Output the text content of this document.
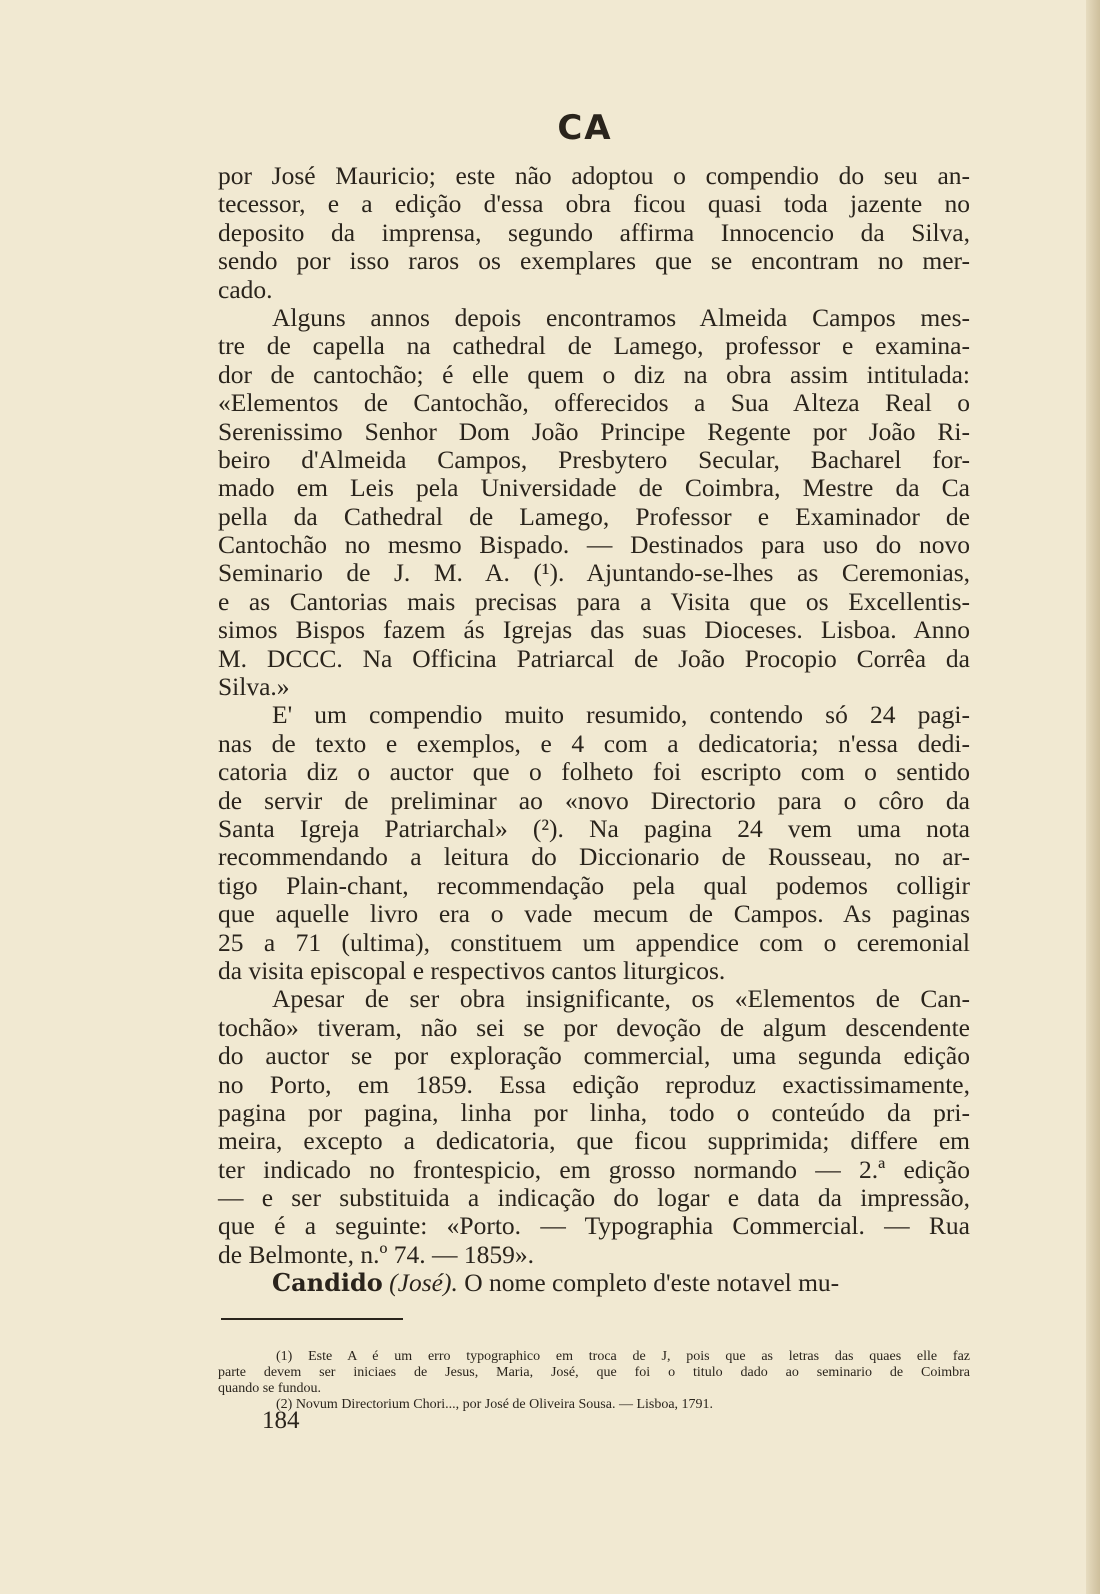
CA
por José Mauricio; este não adoptou o compendio do seu an-
tecessor, e a edição d'essa obra ficou quasi toda jazente no
deposito da imprensa, segundo affirma Innocencio da Silva,
sendo por isso raros os exemplares que se encontram no mer-
cado.
Alguns annos depois encontramos Almeida Campos mes-
tre de capella na cathedral de Lamego, professor e examina-
dor de cantochão; é elle quem o diz na obra assim intitulada:
«Elementos de Cantochão, offerecidos a Sua Alteza Real o
Serenissimo Senhor Dom João Principe Regente por João Ri-
beiro d'Almeida Campos, Presbytero Secular, Bacharel for-
mado em Leis pela Universidade de Coimbra, Mestre da Ca
pella da Cathedral de Lamego, Professor e Examinador de
Cantochão no mesmo Bispado. — Destinados para uso do novo
Seminario de J. M. A. (¹). Ajuntando-se-lhes as Ceremonias,
e as Cantorias mais precisas para a Visita que os Excellentis-
simos Bispos fazem ás Igrejas das suas Dioceses. Lisboa. Anno
M. DCCC. Na Officina Patriarcal de João Procopio Corrêa da
Silva.»
E' um compendio muito resumido, contendo só 24 pagi-
nas de texto e exemplos, e 4 com a dedicatoria; n'essa dedi-
catoria diz o auctor que o folheto foi escripto com o sentido
de servir de preliminar ao «novo Directorio para o côro da
Santa Igreja Patriarchal» (²). Na pagina 24 vem uma nota
recommendando a leitura do Diccionario de Rousseau, no ar-
tigo Plain-chant, recommendação pela qual podemos colligir
que aquelle livro era o vade mecum de Campos. As paginas
25 a 71 (ultima), constituem um appendice com o ceremonial
da visita episcopal e respectivos cantos liturgicos.
Apesar de ser obra insignificante, os «Elementos de Can-
tochão» tiveram, não sei se por devoção de algum descendente
do auctor se por exploração commercial, uma segunda edição
no Porto, em 1859. Essa edição reproduz exactissimamente,
pagina por pagina, linha por linha, todo o conteúdo da pri-
meira, excepto a dedicatoria, que ficou supprimida; differe em
ter indicado no frontespicio, em grosso normando — 2.ª edição
— e ser substituida a indicação do logar e data da impressão,
que é a seguinte: «Porto. — Typographia Commercial. — Rua
de Belmonte, n.º 74. — 1859».
Candido (José). O nome completo d'este notavel mu-
(1) Este A é um erro typographico em troca de J, pois que as letras das quaes elle faz
parte devem ser iniciaes de Jesus, Maria, José, que foi o titulo dado ao seminario de Coimbra
quando se fundou.
(2) Novum Directorium Chori..., por José de Oliveira Sousa. — Lisboa, 1791.
184
